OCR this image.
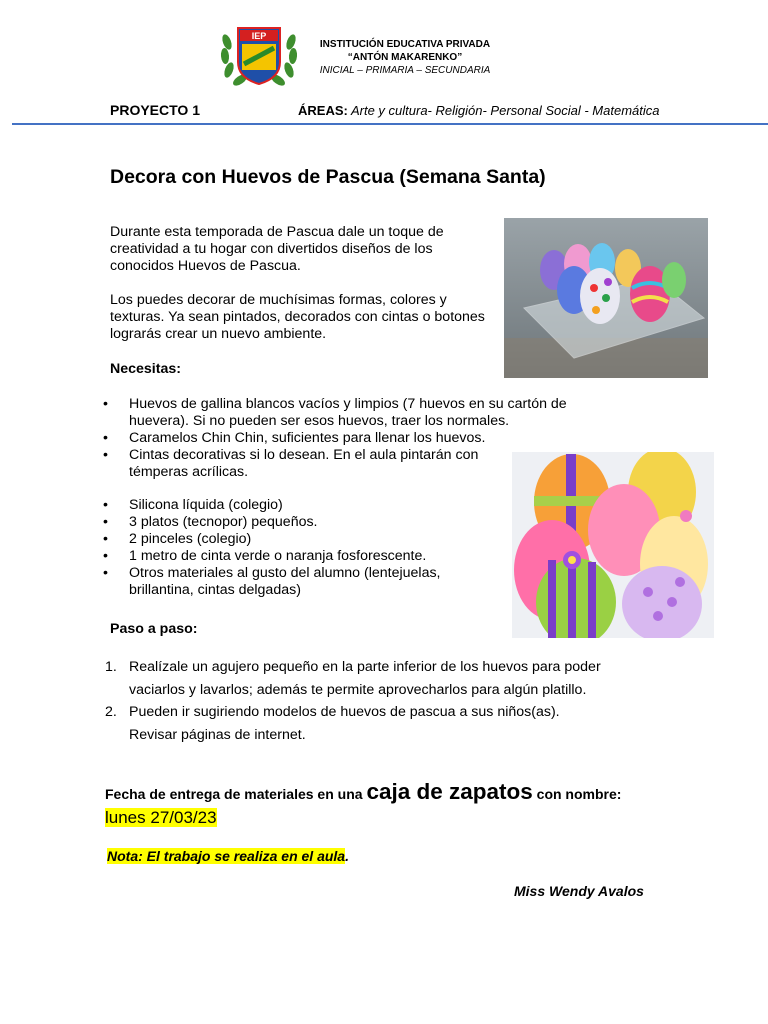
IEP
INSTITUCIÓN EDUCATIVA PRIVADA
“ANTÓN MAKARENKO”
INICIAL – PRIMARIA – SECUNDARIA
PROYECTO 1	ÁREAS: Arte y cultura- Religión- Personal Social - Matemática
Decora con Huevos de Pascua (Semana Santa)
Durante esta temporada de Pascua dale un toque de creatividad a tu hogar con divertidos diseños de los conocidos Huevos de Pascua.
Los puedes decorar de muchísimas formas, colores y texturas. Ya sean pintados, decorados con cintas o botones lograrás crear un nuevo ambiente.
Necesitas:
• Huevos de gallina blancos vacíos y limpios (7 huevos en su cartón de huevera). Si no pueden ser esos huevos, traer los normales.
• Caramelos Chin Chin, suficientes para llenar los huevos.
• Cintas decorativas si lo desean. En el aula pintarán con témperas acrílicas.
• Silicona líquida (colegio)
• 3 platos (tecnopor) pequeños.
• 2 pinceles (colegio)
• 1 metro de cinta verde o naranja fosforescente.
• Otros materiales al gusto del alumno (lentejuelas, brillantina, cintas delgadas)
Paso a paso:
1. Realízale un agujero pequeño en la parte inferior de los huevos para poder vaciarlos y lavarlos; además te permite aprovecharlos para algún platillo.
2. Pueden ir sugiriendo modelos de huevos de pascua a sus niños(as). Revisar páginas de internet.
Fecha de entrega de materiales en una caja de zapatos con nombre: lunes 27/03/23
Nota: El trabajo se realiza en el aula.
Miss Wendy Avalos
